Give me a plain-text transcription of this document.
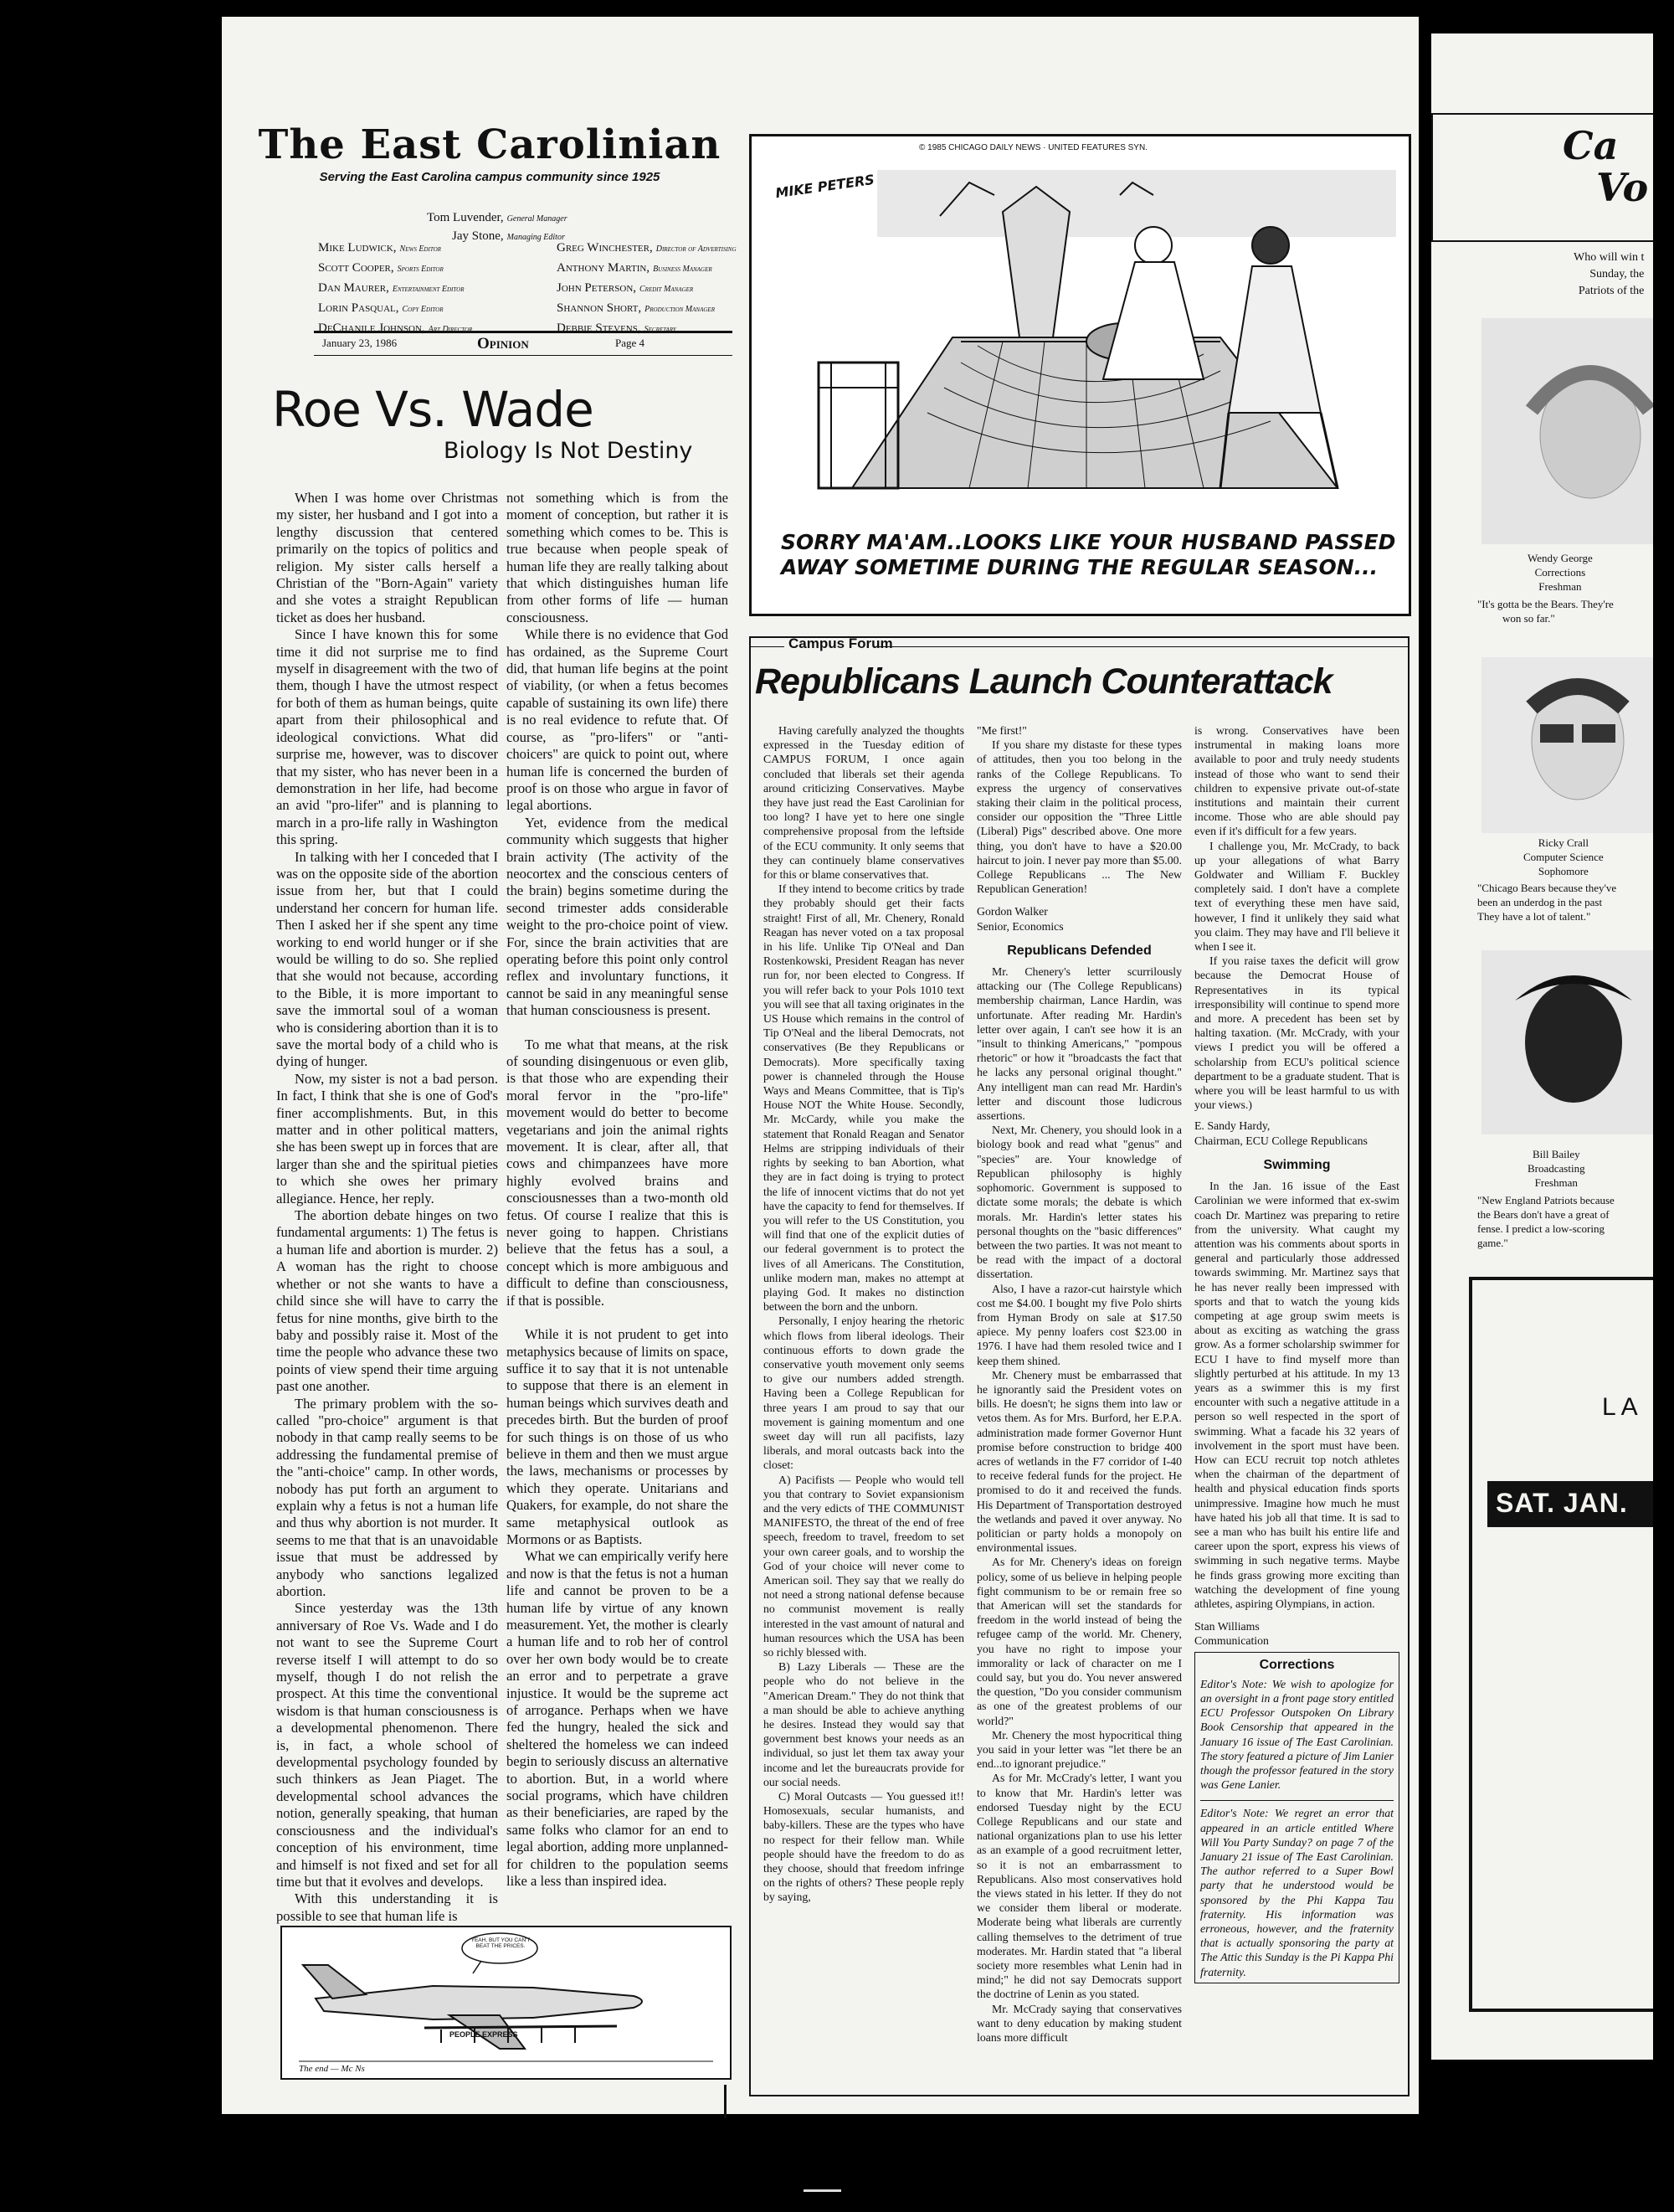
The East Carolinian
Serving the East Carolina campus community since 1925
Tom Luvender, General Manager
Jay Stone, Managing Editor
Mike Ludwick, News Editor
Scott Cooper, Sports Editor
Dan Maurer, Entertainment Editor
Lorin Pasqual, Copy Editor
DeChanile Johnson, Art Director
Greg Winchester, Director of Advertising
Anthony Martin, Business Manager
John Peterson, Credit Manager
Shannon Short, Production Manager
Debbie Stevens, Secretary
January 23, 1986	Opinion	Page 4
Roe Vs. Wade
Biology Is Not Destiny

When I was home over Christmas my sister, her husband and I got into a lengthy discussion that centered primarily on the topics of politics and religion. My sister calls herself a Christian of the "Born-Again" variety and she votes a straight Republican ticket as does her husband.

Since I have known this for some time it did not surprise me to find myself in disagreement with the two of them, though I have the utmost respect for both of them as human beings, quite apart from their philosophical and ideological convictions. What did surprise me, however, was to discover that my sister, who has never been in a demonstration in her life, had become an avid "pro-lifer" and is planning to march in a pro-life rally in Washington this spring.

In talking with her I conceded that I was on the opposite side of the abortion issue from her, but that I could understand her concern for human life. Then I asked her if she spent any time working to end world hunger or if she would be willing to do so. She replied that she would not because, according to the Bible, it is more important to save the immortal soul of a woman who is considering abortion than it is to save the mortal body of a child who is dying of hunger.

Now, my sister is not a bad person. In fact, I think that she is one of God's finer accomplishments. But, in this matter and in other political matters, she has been swept up in forces that are larger than she and the spiritual pieties to which she owes her primary allegiance. Hence, her reply.

The abortion debate hinges on two fundamental arguments: 1) The fetus is a human life and abortion is murder. 2) A woman has the right to choose whether or not she wants to have a child since she will have to carry the fetus for nine months, give birth to the baby and possibly raise it. Most of the time the people who advance these two points of view spend their time arguing past one another.

The primary problem with the so-called "pro-choice" argument is that nobody in that camp really seems to be addressing the fundamental premise of the "anti-choice" camp. In other words, nobody has put forth an argument to explain why a fetus is not a human life and thus why abortion is not murder. It seems to me that that is an unavoidable issue that must be addressed by anybody who sanctions legalized abortion.

Since yesterday was the 13th anniversary of Roe Vs. Wade and I do not want to see the Supreme Court reverse itself I will attempt to do so myself, though I do not relish the prospect. At this time the conventional wisdom is that human consciousness is a developmental phenomenon. There is, in fact, a whole school of developmental psychology founded by such thinkers as Jean Piaget. The developmental school advances the notion, generally speaking, that human consciousness and the individual's conception of his environment, time and himself is not fixed and set for all time but that it evolves and develops.

With this understanding it is possible to see that human life is

not something which is from the moment of conception, but rather it is something which comes to be. This is true because when people speak of human life they are really talking about that which distinguishes human life from other forms of life — human consciousness.

While there is no evidence that God has ordained, as the Supreme Court did, that human life begins at the point of viability, (or when a fetus becomes capable of sustaining its own life) there is no real evidence to refute that. Of course, as "pro-lifers" or "anti-choicers" are quick to point out, where human life is concerned the burden of proof is on those who argue in favor of legal abortions.

Yet, evidence from the medical community which suggests that higher brain activity (The activity of the neocortex and the conscious centers of the brain) begins sometime during the second trimester adds considerable weight to the pro-choice point of view. For, since the brain activities that are operating before this point only control reflex and involuntary functions, it cannot be said in any meaningful sense that human consciousness is present.

To me what that means, at the risk of sounding disingenuous or even glib, is that those who are expending their moral fervor in the "pro-life" movement would do better to become vegetarians and join the animal rights movement. It is clear, after all, that cows and chimpanzees have more highly evolved brains and consciousnesses than a two-month old fetus. Of course I realize that this is never going to happen. Christians believe that the fetus has a soul, a concept which is more ambiguous and difficult to define than consciousness, if that is possible.

While it is not prudent to get into metaphysics because of limits on space, suffice it to say that it is not untenable to suppose that there is an element in human beings which survives death and precedes birth. But the burden of proof for such things is on those of us who believe in them and then we must argue the laws, mechanisms or processes by which they operate. Unitarians and Quakers, for example, do not share the same metaphysical outlook as Mormons or as Baptists.

What we can empirically verify here and now is that the fetus is not a human life and cannot be proven to be a human life by virtue of any known measurement. Yet, the mother is clearly a human life and to rob her of control over her own body would be to create an error and to perpetrate a grave injustice. It would be the supreme act of arrogance. Perhaps when we have fed the hungry, healed the sick and sheltered the homeless we can indeed begin to seriously discuss an alternative to abortion. But, in a world where social programs, which have children as their beneficiaries, are raped by the same folks who clamor for an end to legal abortion, adding more unplanned-for children to the population seems like a less than inspired idea.

YEAH, BUT YOU CAN'T BEAT THE PRICES.
PEOPLE EXPRESS
The end — Mc Ns
© 1985 CHICAGO DAILY NEWS · UNITED FEATURES SYN.
MIKE PETERS
SORRY MA'AM..LOOKS LIKE YOUR HUSBAND PASSED
AWAY SOMETIME DURING THE REGULAR SEASON...
Campus Forum
Republicans Launch Counterattack

Having carefully analyzed the thoughts expressed in the Tuesday edition of CAMPUS FORUM, I once again concluded that liberals set their agenda around criticizing Conservatives. Maybe they have just read the East Carolinian for too long? I have yet to here one single comprehensive proposal from the leftside of the ECU community. It only seems that they can continuely blame conservatives for this or blame conservatives that.

If they intend to become critics by trade they probably should get their facts straight! First of all, Mr. Chenery, Ronald Reagan has never voted on a tax proposal in his life. Unlike Tip O'Neal and Dan Rostenkowski, President Reagan has never run for, nor been elected to Congress. If you will refer back to your Pols 1010 text you will see that all taxing originates in the US House which remains in the control of Tip O'Neal and the liberal Democrats, not conservatives (Be they Republicans or Democrats). More specifically taxing power is channeled through the House Ways and Means Committee, that is Tip's House NOT the White House. Secondly, Mr. McCardy, while you make the statement that Ronald Reagan and Senator Helms are stripping individuals of their rights by seeking to ban Abortion, what they are in fact doing is trying to protect the life of innocent victims that do not yet have the capacity to fend for themselves. If you will refer to the US Constitution, you will find that one of the explicit duties of our federal government is to protect the lives of all Americans. The Constitution, unlike modern man, makes no attempt at playing God. It makes no distinction between the born and the unborn.

Personally, I enjoy hearing the rhetoric which flows from liberal ideologs. Their continuous efforts to down grade the conservative youth movement only seems to give our numbers added strength. Having been a College Republican for three years I am proud to say that our movement is gaining momentum and one sweet day will run all pacifists, lazy liberals, and moral outcasts back into the closet:

A) Pacifists — People who would tell you that contrary to Soviet expansionism and the very edicts of THE COMMUNIST MANIFESTO, the threat of the end of free speech, freedom to travel, freedom to set your own career goals, and to worship the God of your choice will never come to American soil. They say that we really do not need a strong national defense because no communist movement is really interested in the vast amount of natural and human resources which the USA has been so richly blessed with.

B) Lazy Liberals — These are the people who do not believe in the "American Dream." They do not think that a man should be able to achieve anything he desires. Instead they would say that government best knows your needs as an individual, so just let them tax away your income and let the bureaucrats provide for our social needs.

C) Moral Outcasts — You guessed it!! Homosexuals, secular humanists, and baby-killers. These are the types who have no respect for their fellow man. While people should have the freedom to do as they choose, should that freedom infringe on the rights of others? These people reply by saying,

"Me first!"

If you share my distaste for these types of attitudes, then you too belong in the ranks of the College Republicans. To express the urgency of conservatives staking their claim in the political process, consider our opposition the "Three Little (Liberal) Pigs" described above. One more thing, you don't have to have a $20.00 haircut to join. I never pay more than $5.00. College Republicans ... The New Republican Generation!

Gordon Walker
Senior, Economics
Republicans Defended

Mr. Chenery's letter scurrilously attacking our (The College Republicans) membership chairman, Lance Hardin, was unfortunate. After reading Mr. Hardin's letter over again, I can't see how it is an "insult to thinking Americans," "pompous rhetoric" or how it "broadcasts the fact that he lacks any personal original thought." Any intelligent man can read Mr. Hardin's letter and discount those ludicrous assertions.

Next, Mr. Chenery, you should look in a biology book and read what "genus" and "species" are. Your knowledge of Republican philosophy is highly sophomoric. Government is supposed to dictate some morals; the debate is which morals. Mr. Hardin's letter states his personal thoughts on the "basic differences" between the two parties. It was not meant to be read with the impact of a doctoral dissertation.

Also, I have a razor-cut hairstyle which cost me $4.00. I bought my five Polo shirts from Hyman Brody on sale at $17.50 apiece. My penny loafers cost $23.00 in 1976. I have had them resoled twice and I keep them shined.

Mr. Chenery must be embarrassed that he ignorantly said the President votes on bills. He doesn't; he signs them into law or vetos them. As for Mrs. Burford, her E.P.A. administration made former Governor Hunt promise before construction to bridge 400 acres of wetlands in the F7 corridor of I-40 to receive federal funds for the project. He promised to do it and received the funds. His Department of Transportation destroyed the wetlands and paved it over anyway. No politician or party holds a monopoly on environmental issues.

As for Mr. Chenery's ideas on foreign policy, some of us believe in helping people fight communism to be or remain free so that American will set the standards for freedom in the world instead of being the refugee camp of the world. Mr. Chenery, you have no right to impose your immorality or lack of character on me I could say, but you do. You never answered the question, "Do you consider communism as one of the greatest problems of our world?"

Mr. Chenery the most hypocritical thing you said in your letter was "let there be an end...to ignorant prejudice."

As for Mr. McCrady's letter, I want you to know that Mr. Hardin's letter was endorsed Tuesday night by the ECU College Republicans and our state and national organizations plan to use his letter as an example of a good recruitment letter, so it is not an embarrassment to Republicans. Also most conservatives hold the views stated in his letter. If they do not we consider them liberal or moderate. Moderate being what liberals are currently calling themselves to the detriment of true moderates. Mr. Hardin stated that "a liberal society more resembles what Lenin had in mind;" he did not say Democrats support the doctrine of Lenin as you stated.

Mr. McCrady saying that conservatives want to deny education by making student loans more difficult

is wrong. Conservatives have been instrumental in making loans more available to poor and truly needy students instead of those who want to send their children to expensive private out-of-state institutions and maintain their current income. Those who are able should pay even if it's difficult for a few years.

I challenge you, Mr. McCrady, to back up your allegations of what Barry Goldwater and William F. Buckley completely said. I don't have a complete text of everything these men have said, however, I find it unlikely they said what you claim. They may have and I'll believe it when I see it.

If you raise taxes the deficit will grow because the Democrat House of Representatives in its typical irresponsibility will continue to spend more and more. A precedent has been set by halting taxation. (Mr. McCrady, with your views I predict you will be offered a scholarship from ECU's political science department to be a graduate student. That is where you will be least harmful to us with your views.)

E. Sandy Hardy,
Chairman, ECU College Republicans
Swimming

In the Jan. 16 issue of the East Carolinian we were informed that ex-swim coach Dr. Martinez was preparing to retire from the university. What caught my attention was his comments about sports in general and particularly those addressed towards swimming. Mr. Martinez says that he has never really been impressed with sports and that to watch the young kids competing at age group swim meets is about as exciting as watching the grass grow. As a former scholarship swimmer for ECU I have to find myself more than slightly perturbed at his attitude. In my 13 years as a swimmer this is my first encounter with such a negative attitude in a person so well respected in the sport of swimming. What a facade his 32 years of involvement in the sport must have been. How can ECU recruit top notch athletes when the chairman of the department of health and physical education finds sports unimpressive. Imagine how much he must have hated his job all that time. It is sad to see a man who has built his entire life and career upon the sport, express his views of swimming in such negative terms. Maybe he finds grass growing more exciting than watching the development of fine young athletes, aspiring Olympians, in action.

Stan Williams
Communication
Corrections
Editor's Note: We wish to apologize for an oversight in a front page story entitled ECU Professor Outspoken On Library Book Censorship that appeared in the January 16 issue of The East Carolinian. The story featured a picture of Jim Lanier though the professor featured in the story was Gene Lanier.
Editor's Note: We regret an error that appeared in an article entitled Where Will You Party Sunday? on page 7 of the January 21 issue of The East Carolinian. The author referred to a Super Bowl party that he understood would be sponsored by the Phi Kappa Tau fraternity. His information was erroneous, however, and the fraternity that is actually sponsoring the party at The Attic this Sunday is the Pi Kappa Phi fraternity.
Ca
Vo
Who will win t
Sunday, the
Patriots of the
Wendy George
Corrections
Freshman
"It's gotta be the Bears. They're
won so far."
Ricky Crall
Computer Science
Sophomore
"Chicago Bears because they've
been an underdog in the past
They have a lot of talent."
Bill Bailey
Broadcasting
Freshman
"New England Patriots because
the Bears don't have a great of
fense. I predict a low-scoring
game."
LA
SAT. JAN.
